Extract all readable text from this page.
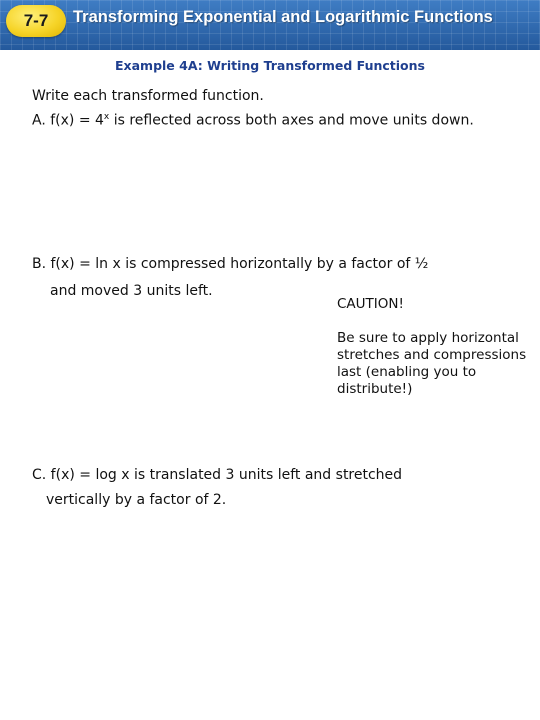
7-7	Transforming Exponential and Logarithmic Functions
Example 4A: Writing Transformed Functions
Write each transformed function.
A. $f(x) = 4^x$ is reflected across both axes and move units down.
B. f(x) = ln x is compressed horizontally by a factor of ½
and moved 3 units left.
CAUTION!
Be sure to apply horizontal stretches and compressions last (enabling you to distribute!)
C. f(x) = log x is translated 3 units left and stretched
vertically by a factor of 2.
